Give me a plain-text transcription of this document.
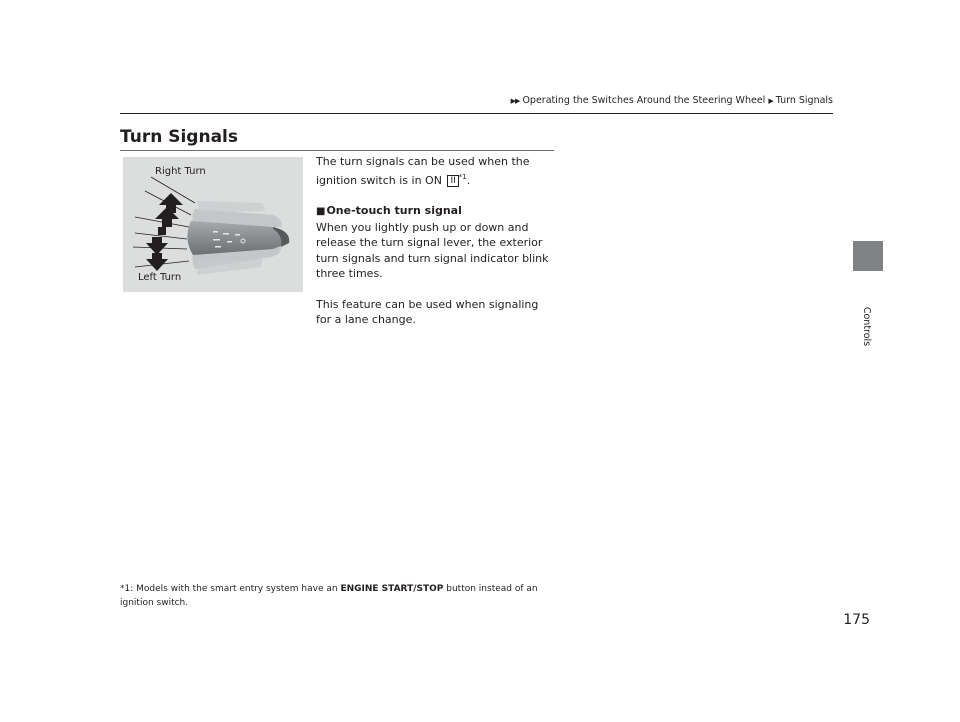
▶▶ Operating the Switches Around the Steering Wheel ▶ Turn Signals
Controls
Turn Signals
Right Turn
Left Turn

The turn signals can be used when the ignition switch is in ON II $^{*1}$.

■One-touch turn signal

When you lightly push up or down and release the turn signal lever, the exterior turn signals and turn signal indicator blink three times.

This feature can be used when signaling for a lane change.

*1: Models with the smart entry system have an ENGINE START/STOP button instead of an ignition switch.
175
